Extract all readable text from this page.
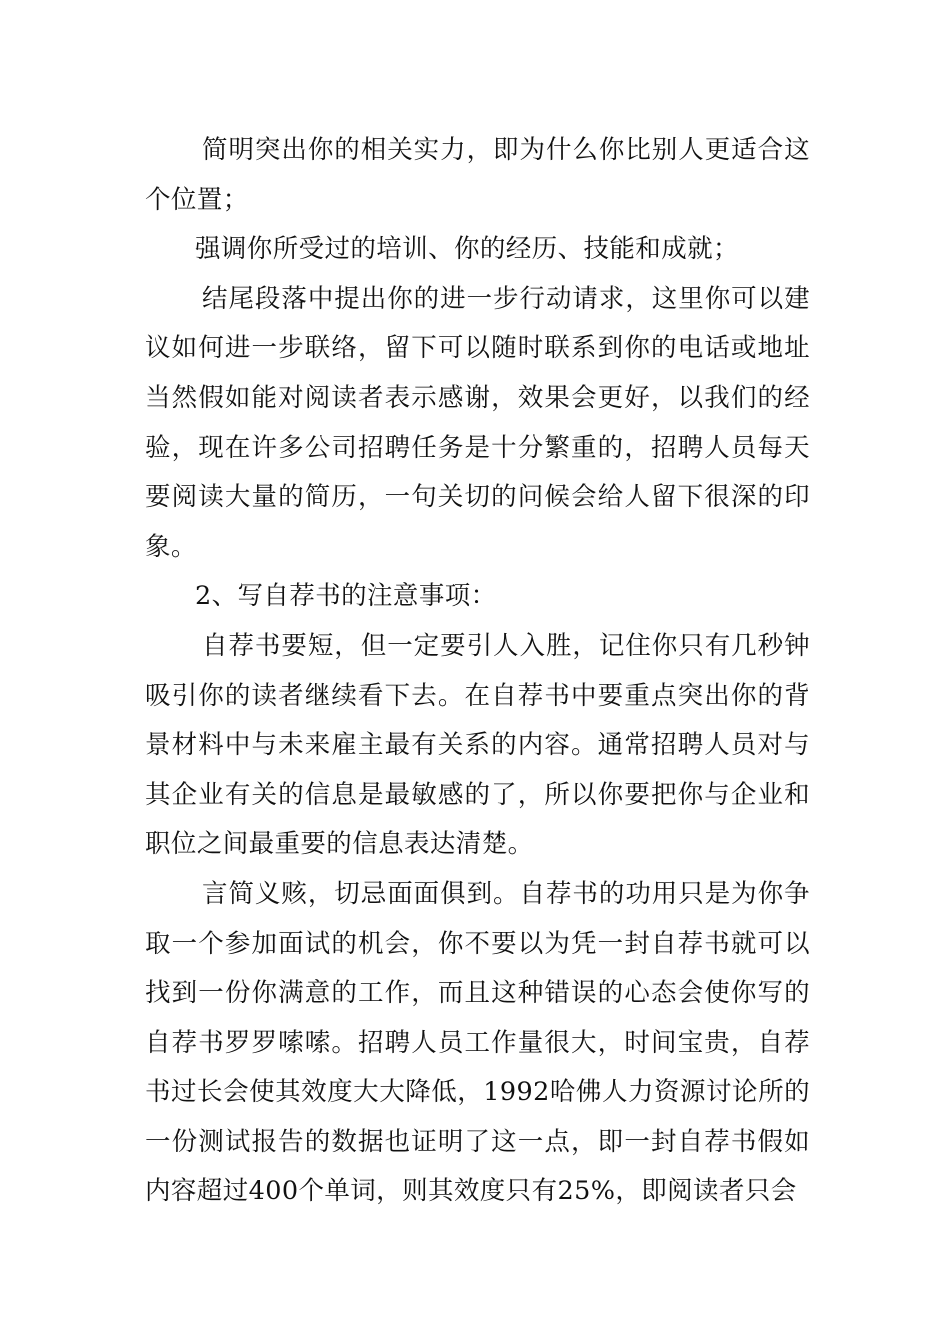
简明突出你的相关实力，即为什么你比别人更适合这个位置；

强调你所受过的培训、你的经历、技能和成就；

结尾段落中提出你的进一步行动请求，这里你可以建议如何进一步联络，留下可以随时联系到你的电话或地址当然假如能对阅读者表示感谢，效果会更好，以我们的经验，现在许多公司招聘任务是十分繁重的，招聘人员每天要阅读大量的简历，一句关切的问候会给人留下很深的印象。

2、写自荐书的注意事项：

自荐书要短，但一定要引人入胜，记住你只有几秒钟吸引你的读者继续看下去。在自荐书中要重点突出你的背景材料中与未来雇主最有关系的内容。通常招聘人员对与其企业有关的信息是最敏感的了，所以你要把你与企业和职位之间最重要的信息表达清楚。

言简义赅，切忌面面俱到。自荐书的功用只是为你争取一个参加面试的机会，你不要以为凭一封自荐书就可以找到一份你满意的工作，而且这种错误的心态会使你写的自荐书罗罗嗦嗦。招聘人员工作量很大，时间宝贵，自荐书过长会使其效度大大降低，1992哈佛人力资源讨论所的一份测试报告的数据也证明了这一点，即一封自荐书假如内容超过400个单词，则其效度只有25%，即阅读者只会
